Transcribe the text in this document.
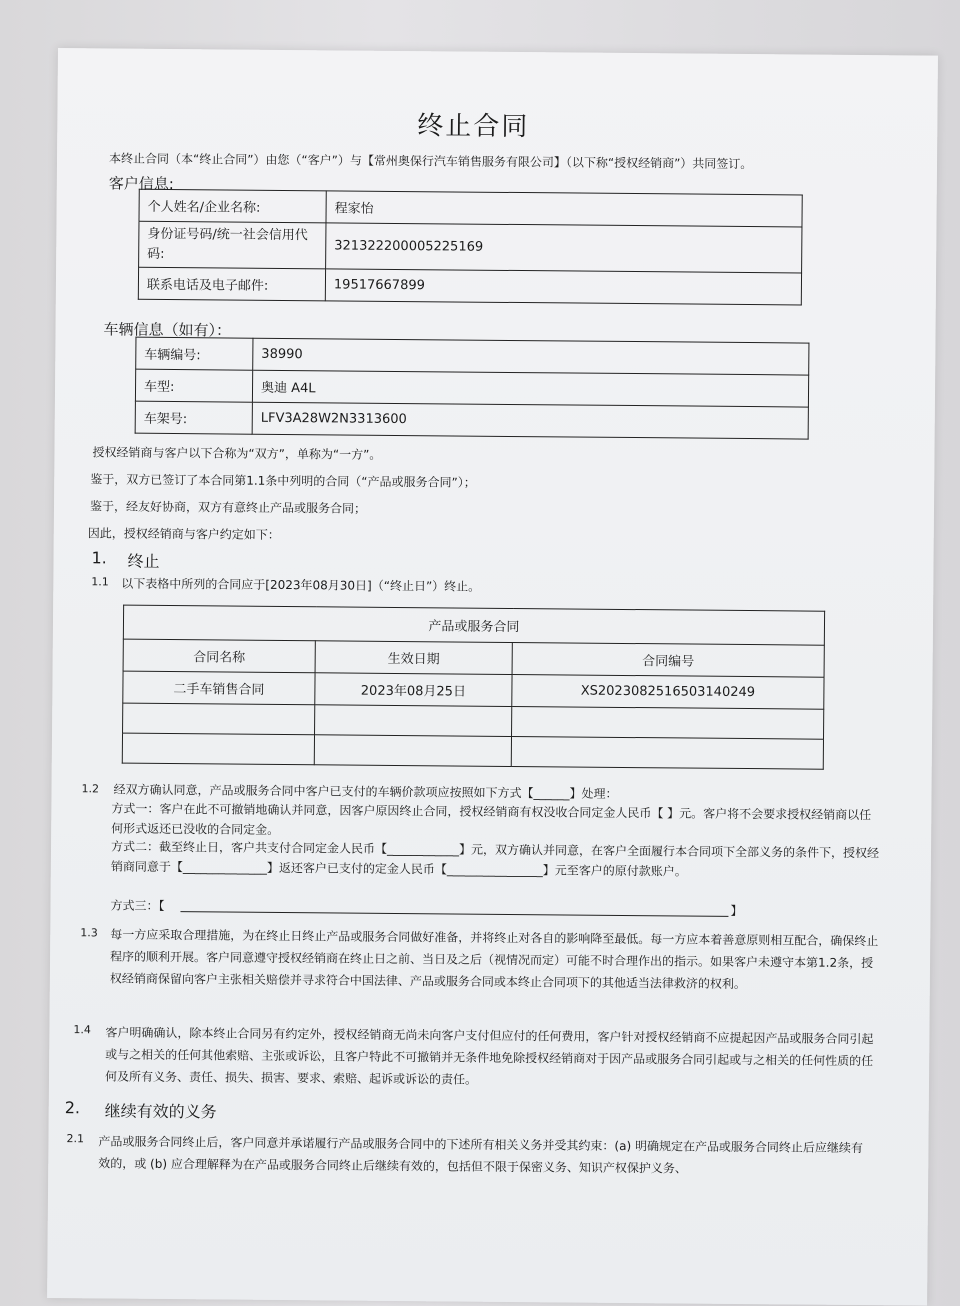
终止合同
本终止合同（本“终止合同”）由您（“客户”）与【常州奥保行汽车销售服务有限公司】（以下称“授权经销商”）共同签订。
客户信息:
个人姓名/企业名称:	程家怡
身份证号码/统一社会信用代码:	321322200005225169
联系电话及电子邮件:	19517667899
车辆信息（如有）：
车辆编号:	38990
车型:	奥迪 A4L
车架号:	LFV3A28W2N3313600
授权经销商与客户以下合称为“双方”，单称为“一方”。
鉴于，双方已签订了本合同第1.1条中列明的合同（“产品或服务合同”）；
鉴于，经友好协商，双方有意终止产品或服务合同；
因此，授权经销商与客户约定如下：
1. 终止
1.1 以下表格中所列的合同应于[2023年08月30日]（“终止日”）终止。
产品或服务合同		
合同名称	生效日期	合同编号
二手车销售合同	2023年08月25日	XS2023082516503140249

1.2 经双方确认同意，产品或服务合同中客户已支付的车辆价款项应按照如下方式【______】处理：
方式一：客户在此不可撤销地确认并同意，因客户原因终止合同，授权经销商有权没收合同定金人民币【 】元。客户将不会要求授权经销商以任何形式返还已没收的合同定金。
方式二：截至终止日，客户共支付合同定金人民币【____________】元，双方确认并同意，在客户全面履行本合同项下全部义务的条件下，授权经销商同意于【______________】返还客户已支付的定金人民币【________________】元至客户的原付款账户。
方式三：【	】
1.3 每一方应采取合理措施，为在终止日终止产品或服务合同做好准备，并将终止对各自的影响降至最低。每一方应本着善意原则相互配合，确保终止程序的顺利开展。客户同意遵守授权经销商在终止日之前、当日及之后（视情况而定）可能不时合理作出的指示。如果客户未遵守本第1.2条，授权经销商保留向客户主张相关赔偿并寻求符合中国法律、产品或服务合同或本终止合同项下的其他适当法律救济的权利。
1.4 客户明确确认，除本终止合同另有约定外，授权经销商无尚未向客户支付但应付的任何费用，客户针对授权经销商不应提起因产品或服务合同引起或与之相关的任何其他索赔、主张或诉讼，且客户特此不可撤销并无条件地免除授权经销商对于因产品或服务合同引起或与之相关的任何性质的任何及所有义务、责任、损失、损害、要求、索赔、起诉或诉讼的责任。
2. 继续有效的义务
2.1 产品或服务合同终止后，客户同意并承诺履行产品或服务合同中的下述所有相关义务并受其约束：(a) 明确规定在产品或服务合同终止后应继续有效的，或 (b) 应合理解释为在产品或服务合同终止后继续有效的，包括但不限于保密义务、知识产权保护义务、
